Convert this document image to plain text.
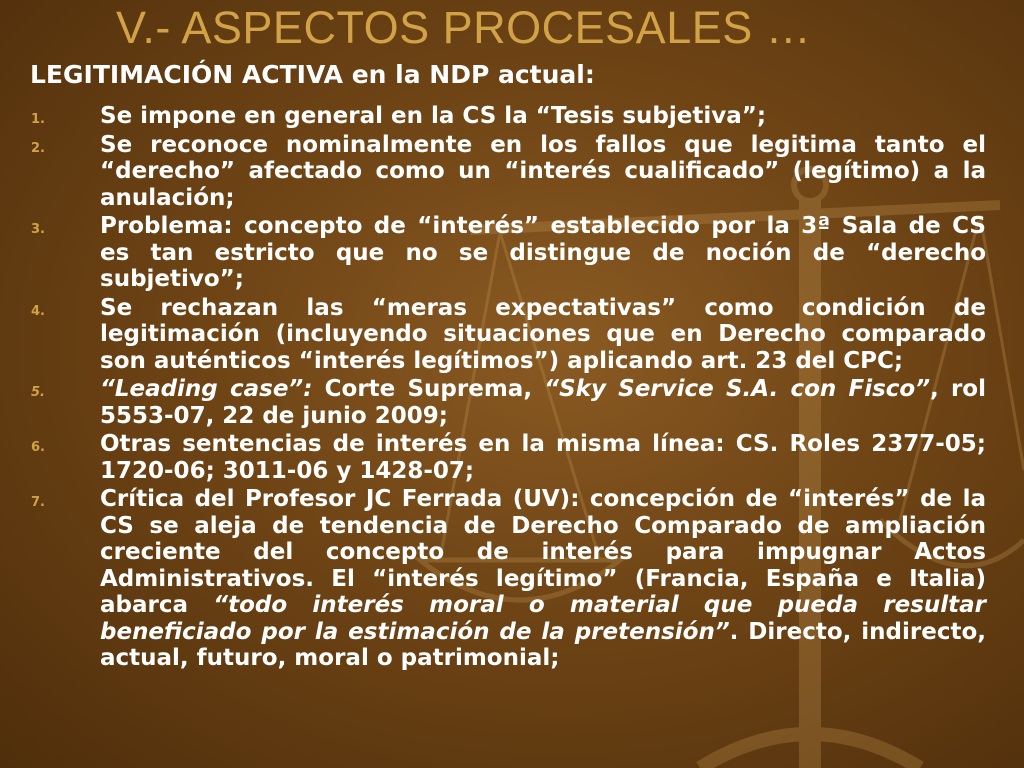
V.- ASPECTOS PROCESALES …
LEGITIMACIÓN ACTIVA en la NDP actual:
1. Se impone en general en la CS la “Tesis subjetiva”;
2. Se reconoce nominalmente en los fallos que legitima tanto el “derecho” afectado como un “interés cualificado” (legítimo) a la anulación;
3. Problema: concepto de “interés” establecido por la 3ª Sala de CS es tan estricto que no se distingue de noción de “derecho subjetivo”;
4. Se rechazan las “meras expectativas” como condición de legitimación (incluyendo situaciones que en Derecho comparado son auténticos “interés legítimos”) aplicando art. 23 del CPC;
5. “Leading case”: Corte Suprema, “Sky Service S.A. con Fisco”, rol 5553-07, 22 de junio 2009;
6. Otras sentencias de interés en la misma línea: CS. Roles 2377-05; 1720-06; 3011-06 y 1428-07;
7. Crítica del Profesor JC Ferrada (UV): concepción de “interés” de la CS se aleja de tendencia de Derecho Comparado de ampliación creciente del concepto de interés para impugnar Actos Administrativos. El “interés legítimo” (Francia, España e Italia) abarca “todo interés moral o material que pueda resultar beneficiado por la estimación de la pretensión”. Directo, indirecto, actual, futuro, moral o patrimonial;
